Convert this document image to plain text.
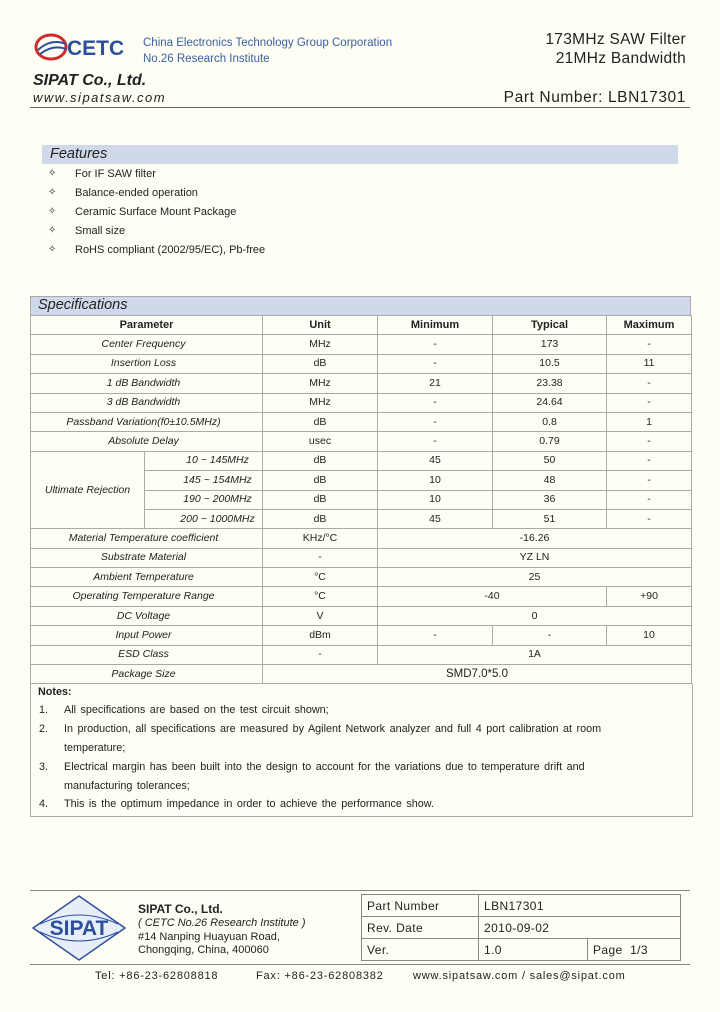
CETC China Electronics Technology Group Corporation
No.26 Research Institute
173MHz SAW Filter
21MHz Bandwidth
SIPAT Co., Ltd.
www.sipatsaw.com	Part Number: LBN17301
Features
✧	For IF SAW filter
✧	Balance-ended operation
✧	Ceramic Surface Mount Package
✧	Small size
✧	RoHS compliant (2002/95/EC), Pb-free
Specifications
Parameter		Unit	Minimum	Typical	Maximum
Center Frequency		MHz	-	173	-
Insertion Loss		dB	-	10.5	11
1 dB Bandwidth		MHz	21	23.38	-
3 dB Bandwidth		MHz	-	24.64	-
Passband Variation(f0±10.5MHz)		dB	-	0.8	1
Absolute Delay		usec	-	0.79	-
Ultimate Rejection	10 ~ 145MHz	dB	45	50	-
	145 ~ 154MHz	dB	10	48	-
	190 ~ 200MHz	dB	10	36	-
	200 ~ 1000MHz	dB	45	51	-
Material Temperature coefficient		KHz/°C	-16.26		
Substrate Material		-	YZ LN		
Ambient Temperature		°C	25		
Operating Temperature Range		°C	-40		+90
DC Voltage		V	0		
Input Power		dBm	-	-	10
ESD Class		-	1A		
Package Size		SMD7.0*5.0			
Notes:
1. All specifications are based on the test circuit shown;
2. In production, all specifications are measured by Agilent Network analyzer and full 4 port calibration at room
temperature;
3. Electrical margin has been built into the design to account for the variations due to temperature drift and
manufacturing tolerances;
4. This is the optimum impedance in order to achieve the performance show.
SIPAT
SIPAT Co., Ltd.
( CETC No.26 Research Institute )
#14 Nanping Huayuan Road,
Chongqing, China, 400060
Part Number	LBN17301	
Rev. Date	2010-09-02	
Ver.	1.0	Page 1/3
Tel: +86-23-62808818	Fax: +86-23-62808382	www.sipatsaw.com / sales@sipat.com
